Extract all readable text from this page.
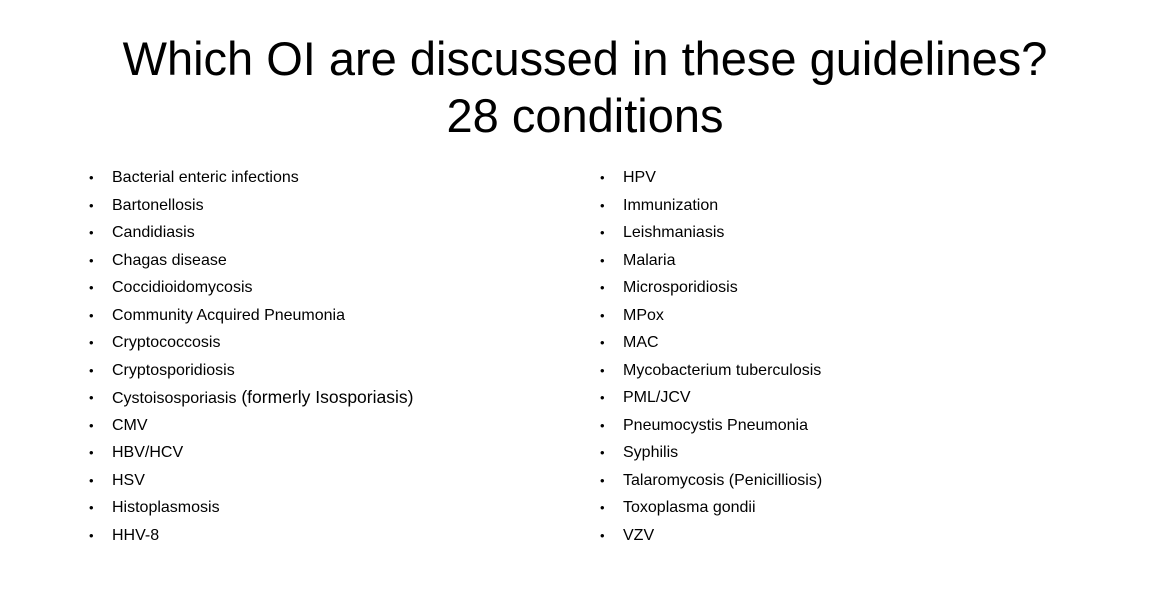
Which OI are discussed in these guidelines?
28 conditions
•	Bacterial enteric infections
•	Bartonellosis
•	Candidiasis
•	Chagas disease
•	Coccidioidomycosis
•	Community Acquired Pneumonia
•	Cryptococcosis
•	Cryptosporidiosis
•	Cystoisosporiasis (formerly Isosporiasis)
•	CMV
•	HBV/HCV
•	HSV
•	Histoplasmosis
•	HHV-8
•	HPV
•	Immunization
•	Leishmaniasis
•	Malaria
•	Microsporidiosis
•	MPox
•	MAC
•	Mycobacterium tuberculosis
•	PML/JCV
•	Pneumocystis Pneumonia
•	Syphilis
•	Talaromycosis (Penicilliosis)
•	Toxoplasma gondii
•	VZV
